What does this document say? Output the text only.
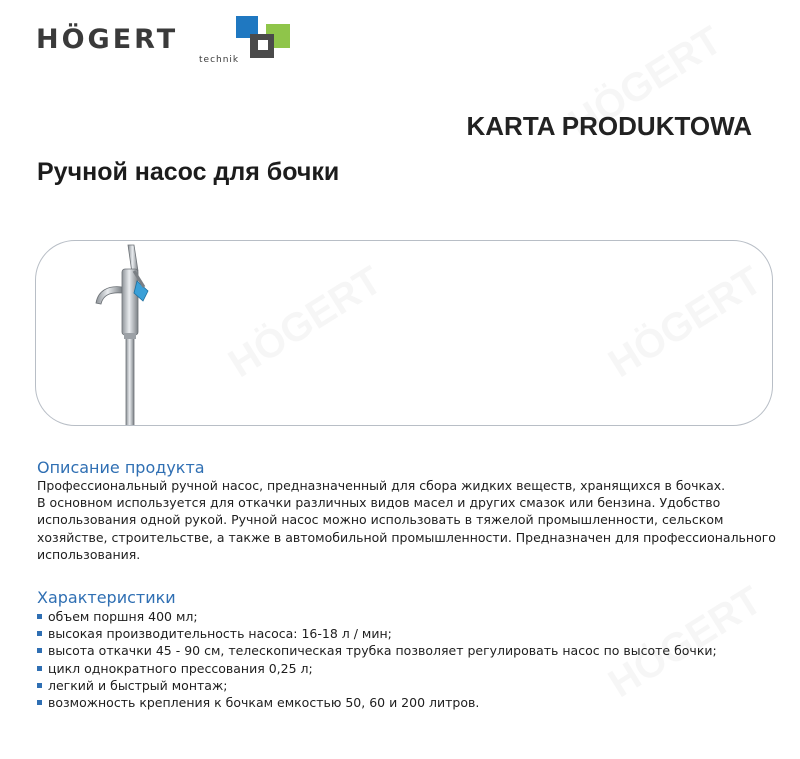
HÖGERT
technik
KARTA PRODUKTOWA
Ручной насос для бочки
Описание продукта
Профессиональный ручной насос, предназначенный для сбора жидких веществ, хранящихся в бочках.
В основном используется для откачки различных видов масел и других смазок или бензина. Удобство
использования одной рукой. Ручной насос можно использовать в тяжелой промышленности, сельском
хозяйстве, строительстве, а также в автомобильной промышленности. Предназначен для профессионального
использования.
Характеристики
объем поршня 400 мл;
высокая производительность насоса: 16-18 л / мин;
высота откачки 45 - 90 см, телескопическая трубка позволяет регулировать насос по высоте бочки;
цикл однократного прессования 0,25 л;
легкий и быстрый монтаж;
возможность крепления к бочкам емкостью 50, 60 и 200 литров.
